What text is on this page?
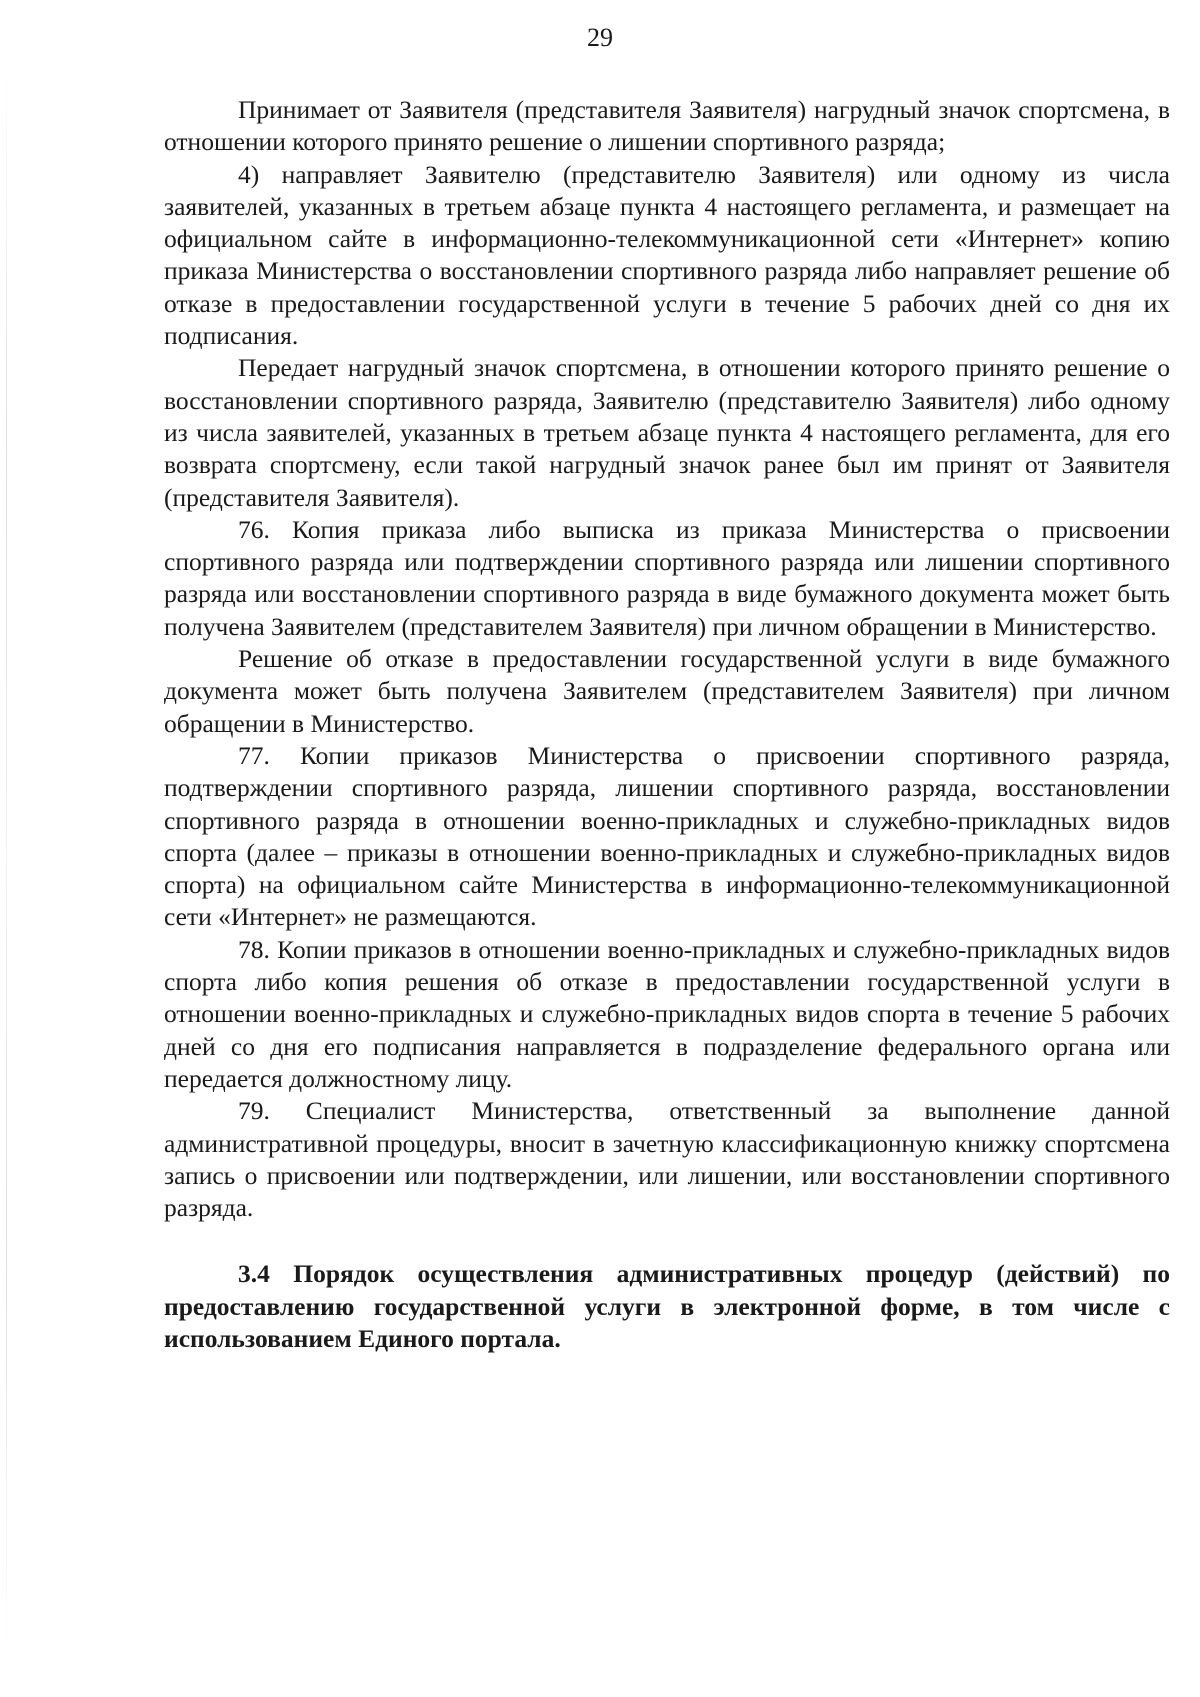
29

Принимает от Заявителя (представителя Заявителя) нагрудный значок спортсмена, в отношении которого принято решение о лишении спортивного разряда;

4) направляет Заявителю (представителю Заявителя) или одному из числа заявителей, указанных в третьем абзаце пункта 4 настоящего регламента, и размещает на официальном сайте в информационно-телекоммуникационной сети «Интернет» копию приказа Министерства о восстановлении спортивного разряда либо направляет решение об отказе в предоставлении государственной услуги в течение 5 рабочих дней со дня их подписания.

Передает нагрудный значок спортсмена, в отношении которого принято решение о восстановлении спортивного разряда, Заявителю (представителю Заявителя) либо одному из числа заявителей, указанных в третьем абзаце пункта 4 настоящего регламента, для его возврата спортсмену, если такой нагрудный значок ранее был им принят от Заявителя (представителя Заявителя).

76. Копия приказа либо выписка из приказа Министерства о присвоении спортивного разряда или подтверждении спортивного разряда или лишении спортивного разряда или восстановлении спортивного разряда в виде бумажного документа может быть получена Заявителем (представителем Заявителя) при личном обращении в Министерство.

Решение об отказе в предоставлении государственной услуги в виде бумажного документа может быть получена Заявителем (представителем Заявителя) при личном обращении в Министерство.

77. Копии приказов Министерства о присвоении спортивного разряда, подтверждении спортивного разряда, лишении спортивного разряда, восстановлении спортивного разряда в отношении военно-прикладных и служебно-прикладных видов спорта (далее – приказы в отношении военно-прикладных и служебно-прикладных видов спорта) на официальном сайте Министерства в информационно-телекоммуникационной сети «Интернет» не размещаются.

78. Копии приказов в отношении военно-прикладных и служебно-прикладных видов спорта либо копия решения об отказе в предоставлении государственной услуги в отношении военно-прикладных и служебно-прикладных видов спорта в течение 5 рабочих дней со дня его подписания направляется в подразделение федерального органа или передается должностному лицу.

79. Специалист Министерства, ответственный за выполнение данной административной процедуры, вносит в зачетную классификационную книжку спортсмена запись о присвоении или подтверждении, или лишении, или восстановлении спортивного разряда.

3.4 Порядок осуществления административных процедур (действий) по предоставлению государственной услуги в электронной форме, в том числе с использованием Единого портала.
